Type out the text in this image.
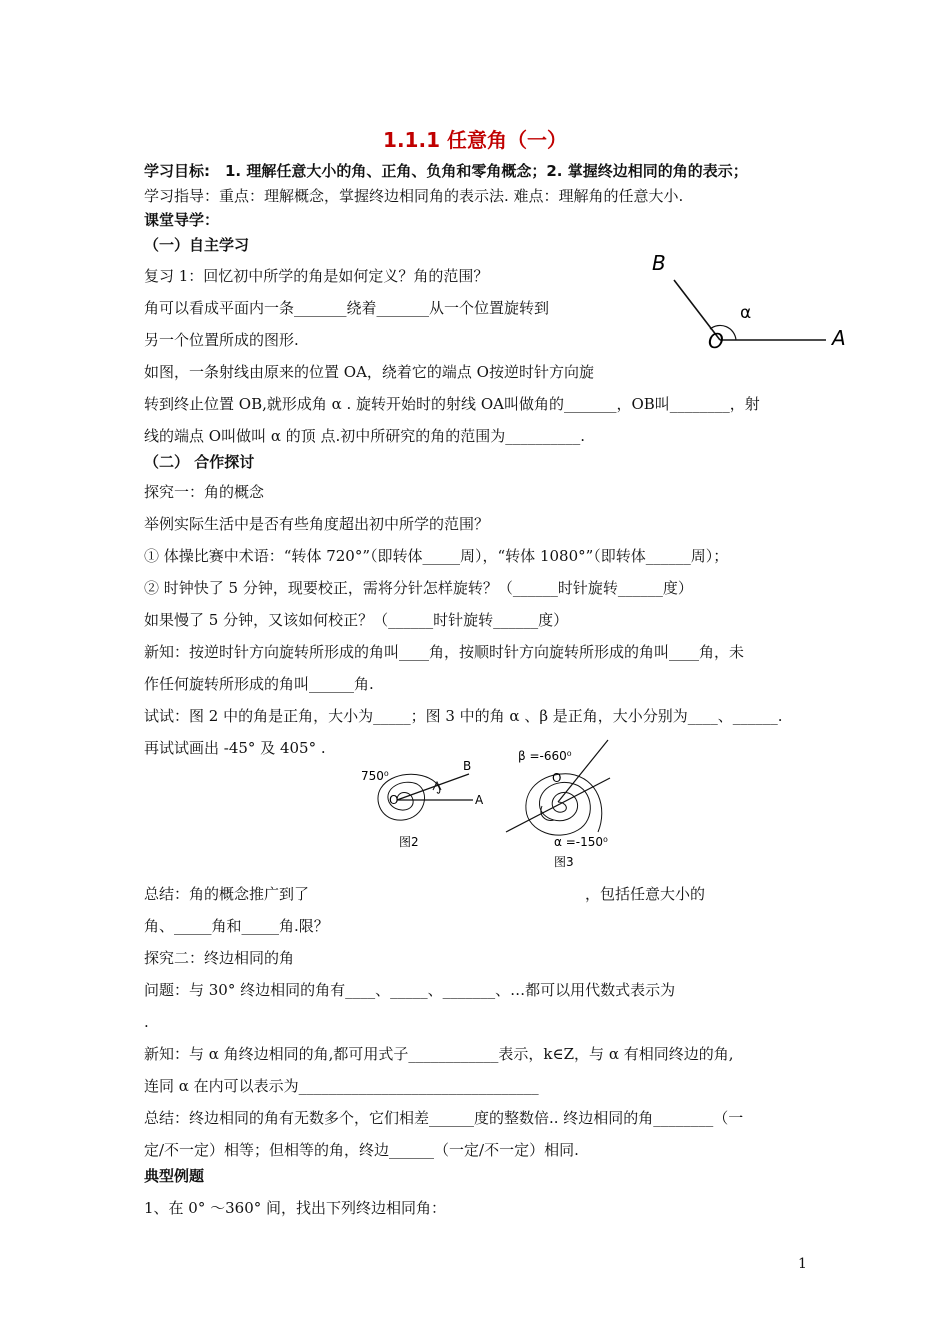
1.1.1 任意角（一）
学习目标:　1. 理解任意大小的角、正角、负角和零角概念；2. 掌握终边相同的角的表示；
学习指导：重点：理解概念，掌握终边相同角的表示法. 难点：理解角的任意大小.
课堂导学：
（一）自主学习
复习 1：回忆初中所学的角是如何定义？角的范围？
角可以看成平面内一条_______绕着_______从一个位置旋转到
另一个位置所成的图形.
如图，一条射线由原来的位置 OA，绕着它的端点 O按逆时针方向旋
转到终止位置 OB,就形成角 α . 旋转开始时的射线 OA叫做角的_______，OB叫________，射
线的端点 O叫做叫 α 的顶 点.初中所研究的角的范围为__________.
（二） 合作探讨
探究一：角的概念
举例实际生活中是否有些角度超出初中所学的范围？
① 体操比赛中术语：“转体 720°”（即转体_____周），“转体 1080°”（即转体______周）；
② 时钟快了 5 分钟，现要校正，需将分针怎样旋转？（______时针旋转______度）
如果慢了 5 分钟，又该如何校正？（______时针旋转______度）
新知：按逆时针方向旋转所形成的角叫____角，按顺时针方向旋转所形成的角叫____角，未
作任何旋转所形成的角叫______角.
试试：图 2 中的角是正角，大小为_____；图 3 中的角 α 、β 是正角，大小分别为____、______.
再试试画出 -45° 及 405° .
总结：角的概念推广到了	，包括任意大小的
角、_____角和_____角.限？
探究二：终边相同的角
问题：与 30° 终边相同的角有____、_____、_______、…都可以用代数式表示为
.
新知：与 α 角终边相同的角,都可用式子____________表示，k∈Z，与 α 有相同终边的角,
连同 α 在内可以表示为________________________________
总结：终边相同的角有无数多个，它们相差______度的整数倍.. 终边相同的角________（一
定/不一定）相等；但相等的角，终边______（一定/不一定）相同.
典型例题
1、在 0° ～360° 间，找出下列终边相同角：
1
B
A
O
α
750⁰
B
A
O
图2
β =-660⁰
α =-150⁰
O
图3
